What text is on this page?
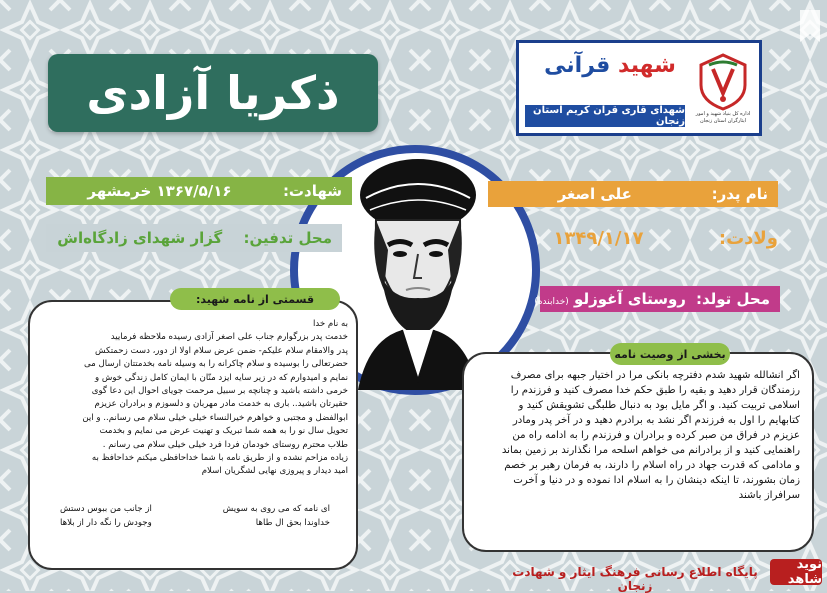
ذکریا آزادی
شهید قرآنی
شهدای قاری قرآن کریم استان زنجان
اداره کل بنیاد شهید و امور ایثارگران استان زنجان
نام پدر:
علی اصغر
ولادت:
۱۳۴۹/۱/۱۷
محل تولد:
روستای آغوزلو (خدابنده)
شهادت:
۱۳۶۷/۵/۱۶ خرمشهر
محل تدفین:
گزار شهدای زادگاه‌اش
قسمتی از نامه شهید:
به نام خدا
خدمت پدر بزرگوارم جناب علی اصغر آزادی رسیده ملاحظه فرمایید
پدر والامقام سلام علیکم- ضمن عرض سلام اولا از دور، دست زحمتکش
حضرتعالی را بوسیده و سلام چاکرانه را به وسیله نامه بخدمتتان ارسال می
نمایم و امیدوارم که در زیر سایه ایزد منّان با ایمان کامل زندگی خوش و
خرمی داشته باشید و چنانچه بر سبیل مرحمت جویای احوال این دعا گوی
حقیرتان باشید.. باری به خدمت مادر مهربان و دلسوزم و برادران عزیزم
ابوالفضل و مجتبی و خواهرم خیرالنساء خیلی خیلی سلام می رسانم.. و این
تحویل سال نو را به همه شما تبریک و تهنیت عرض می نمایم و بخدمت
طلاب محترم روستای خودمان فردا فرد خیلی خیلی سلام می رسانم .
زیاده مزاحم نشده و از طریق نامه با شما خداحافظی میکنم خداحافظ به
امید دیدار و پیروزی نهایی لشگریان اسلام
ای نامه که می روی به سویش
از جانب من ببوس دستش
خداوندا بحق ال طاها
وجودش را نگه دار از بلاها
بخشی از وصیت نامه
اگر انشالله شهید شدم دفترچه بانکی مرا در اختیار جبهه برای مصرف
رزمندگان قرار دهید و بقیه را طبق حکم خدا مصرف کنید و فرزندم را
اسلامی تربیت کنید. و اگر مایل بود به دنبال طلبگی تشویقش کنید و
کتابهایم را اول به فرزندم اگر نشد به برادرم دهید و در آخر پدر ومادر
عزیزم در فراق من صبر کرده و برادران و فرزندم را به ادامه راه من
راهنمایی کنید و از برادرانم می خواهم اسلحه مرا نگذارند بر زمین بماند
و مادامی که قدرت جهاد در راه اسلام را دارند، به فرمان رهبر بر خصم
زمان بشورند، تا اینکه دینشان را به اسلام ادا نموده و در دنیا و آخرت
سرافراز باشند
پایگاه اطلاع رسانی فرهنگ ایثار و شهادت زنجان
نوید شاهد
